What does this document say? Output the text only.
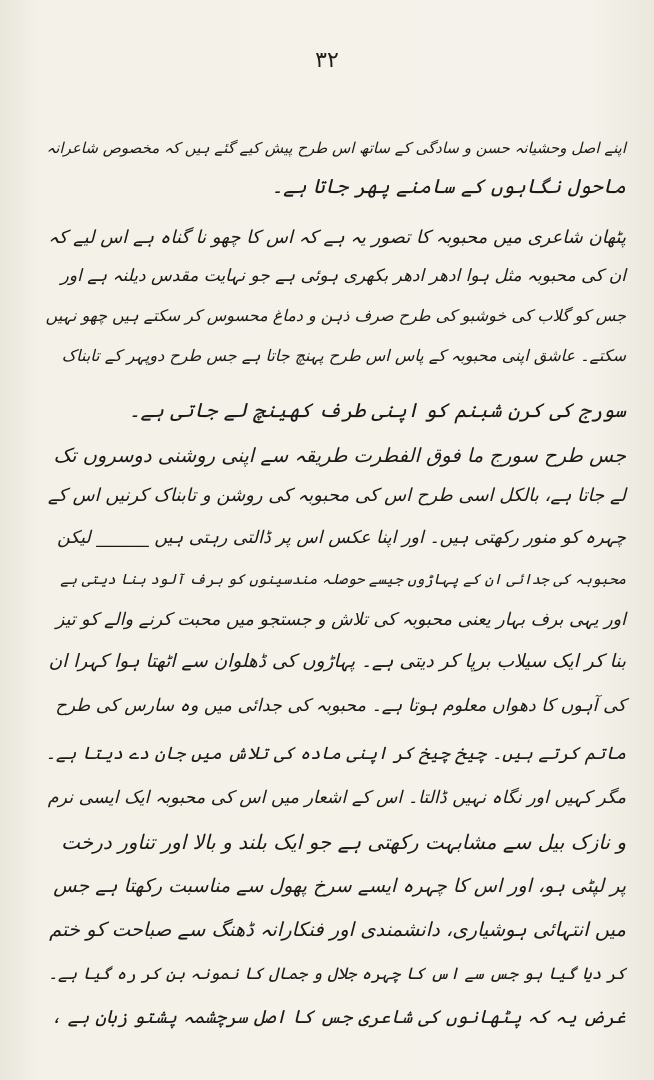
۳۲
اپنے اصل وحشیانہ حسن و سادگی کے ساتھ اس طرح پیش کیے گئے ہیں کہ مخصوص شاعرانہ
ماحول نگاہوں کے سامنے پھر جاتا ہے۔
پٹھان شاعری میں محبوبہ کا تصور یہ ہے کہ اس کا چھو نا گناہ ہے اس لیے کہ
ان کی محبوبہ مثل ہوا ادھر ادھر بکھری ہوئی ہے جو نہایت مقدس دیلنہ ہے اور
جس کو گلاب کی خوشبو کی طرح صرف ذہن و دماغ محسوس کر سکتے ہیں چھو نہیں
سکتے۔ عاشق اپنی محبوبہ کے پاس اس طرح پہنچ جاتا ہے جس طرح دوپہر کے تابناک
سورج کی کرن شبنم کو اپنی طرف کھینچ لے جاتی ہے۔
جس طرح سورج ما فوق الفطرت طریقہ سے اپنی روشنی دوسروں تک
لے جاتا ہے، بالکل اسی طرح اس کی محبوبہ کی روشن و تابناک کرنیں اس کے
چہرہ کو منور رکھتی ہیں۔ اور اپنا عکس اس پر ڈالتی رہتی ہیں ______ لیکن
محبوبہ کی جدائی ان کے پہاڑوں جیسے حوصلہ مندسینوں کو برف آلود بنا دیتی ہے
اور یہی برف بہار یعنی محبوبہ کی تلاش و جستجو میں محبت کرنے والے کو تیز
بنا کر ایک سیلاب برپا کر دیتی ہے۔ پہاڑوں کی ڈھلوان سے اٹھتا ہوا کہرا ان
کی آہوں کا دھواں معلوم ہوتا ہے۔ محبوبہ کی جدائی میں وہ سارس کی طرح
ماتم کرتے ہیں۔ چیخ چیخ کر اپنی مادہ کی تلاش میں جان دے دیتا ہے۔
مگر کہیں اور نگاہ نہیں ڈالتا۔ اس کے اشعار میں اس کی محبوبہ ایک ایسی نرم
و نازک بیل سے مشابہت رکھتی ہے جو ایک بلند و بالا اور تناور درخت
پر لپٹی ہو، اور اس کا چہرہ ایسے سرخ پھول سے مناسبت رکھتا ہے جس
میں انتہائی ہوشیاری، دانشمندی اور فنکارانہ ڈھنگ سے صباحت کو ختم
کر دیا گیا ہو جس سے اس کا چہرہ جلال و جمال کا نمونہ بن کر رہ گیا ہے۔
غرض یہ کہ پٹھانوں کی شاعری جس کا اصل سرچشمہ پشتو زبان ہے ،
